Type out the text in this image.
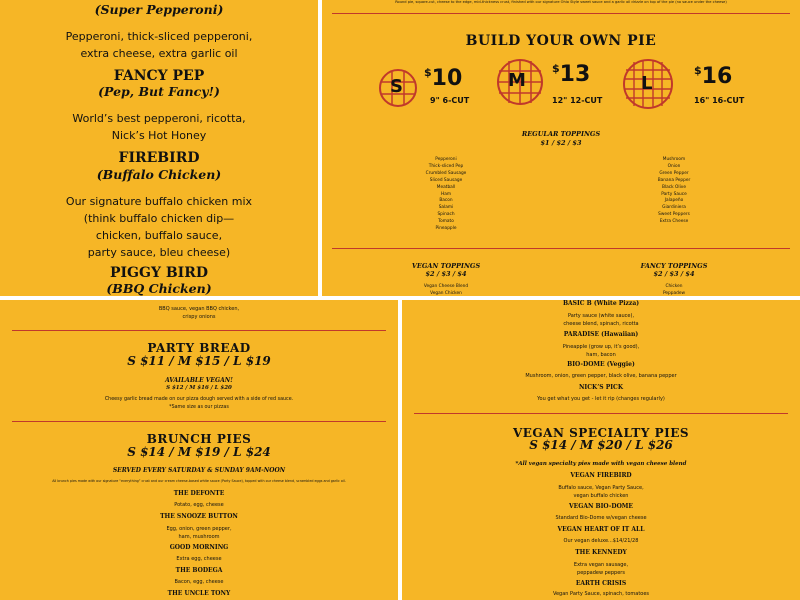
(Super Pepperoni)
Pepperoni, thick-sliced pepperoni,
extra cheese, extra garlic oil
FANCY PEP
(Pep, But Fancy!)
World’s best pepperoni, ricotta,
Nick’s Hot Honey
FIREBIRD
(Buffalo Chicken)
Our signature buffalo chicken mix
(think buffalo chicken dip—
chicken, buffalo sauce,
party sauce, bleu cheese)
PIGGY BIRD
(BBQ Chicken)
Round pie, square-cut, cheese to the edge, mid-thickness crust, finished with our signature Ohio Style sweet sauce and a garlic oil drizzle on top of the pie (no sauce under the cheese)
BUILD YOUR OWN PIE
S
$10
9" 6-CUT
M
$13
12" 12-CUT
L
$16
16" 16-CUT
REGULAR TOPPINGS
$1 / $2 / $3
Pepperoni
Thick-sliced Pep
Crumbled Sausage
Sliced Sausage
Meatball
Ham
Bacon
Salami
Spinach
Tomato
Pineapple
Mushroom
Onion
Green Pepper
Banana Pepper
Black Olive
Party Sauce
Jalapeño
Giardiniera
Sweet Peppers
Extra Cheese
VEGAN TOPPINGS
$2 / $3 / $4
Vegan Cheese Blend
Vegan Chicken
FANCY TOPPINGS
$2 / $3 / $4
Chicken
Peppadew
BBQ sauce, vegan BBQ chicken,
crispy onions
PARTY BREAD
S $11 / M $15 / L $19
AVAILABLE VEGAN!
S $12 / M $16 / L $20
Cheesy garlic bread made on our pizza dough served with a side of red sauce.
*Same size as our pizzas
BRUNCH PIES
S $14 / M $19 / L $24
SERVED EVERY SATURDAY & SUNDAY 9AM-NOON
All brunch pies made with our signature “everything” crust and our cream cheese-based white sauce (Party Sauce), topped with our cheese blend, scrambled eggs and garlic oil.
THE DEFONTE
Potato, egg, cheese
THE SNOOZE BUTTON
Egg, onion, green pepper,
ham, mushroom
GOOD MORNING
Extra egg, cheese
THE BODEGA
Bacon, egg, cheese
THE UNCLE TONY
BASIC B (White Pizza)
Party sauce (white sauce),
cheese blend, spinach, ricotta
PARADISE (Hawaiian)
Pineapple (grow up, it’s good),
ham, bacon
BIO-DOME (Veggie)
Mushroom, onion, green pepper, black olive, banana pepper
NICK’S PICK
You get what you get - let it rip (changes regularly)
VEGAN SPECIALTY PIES
S $14 / M $20 / L $26
*All vegan specialty pies made with vegan cheese blend
VEGAN FIREBIRD
Buffalo sauce, Vegan Party Sauce,
vegan buffalo chicken
VEGAN BIO-DOME
Standard Bio-Dome w/vegan cheese
VEGAN HEART OF IT ALL
Our vegan deluxe...$14/21/28
THE KENNEDY
Extra vegan sausage,
peppadew peppers
EARTH CRISIS
Vegan Party Sauce, spinach, tomatoes
